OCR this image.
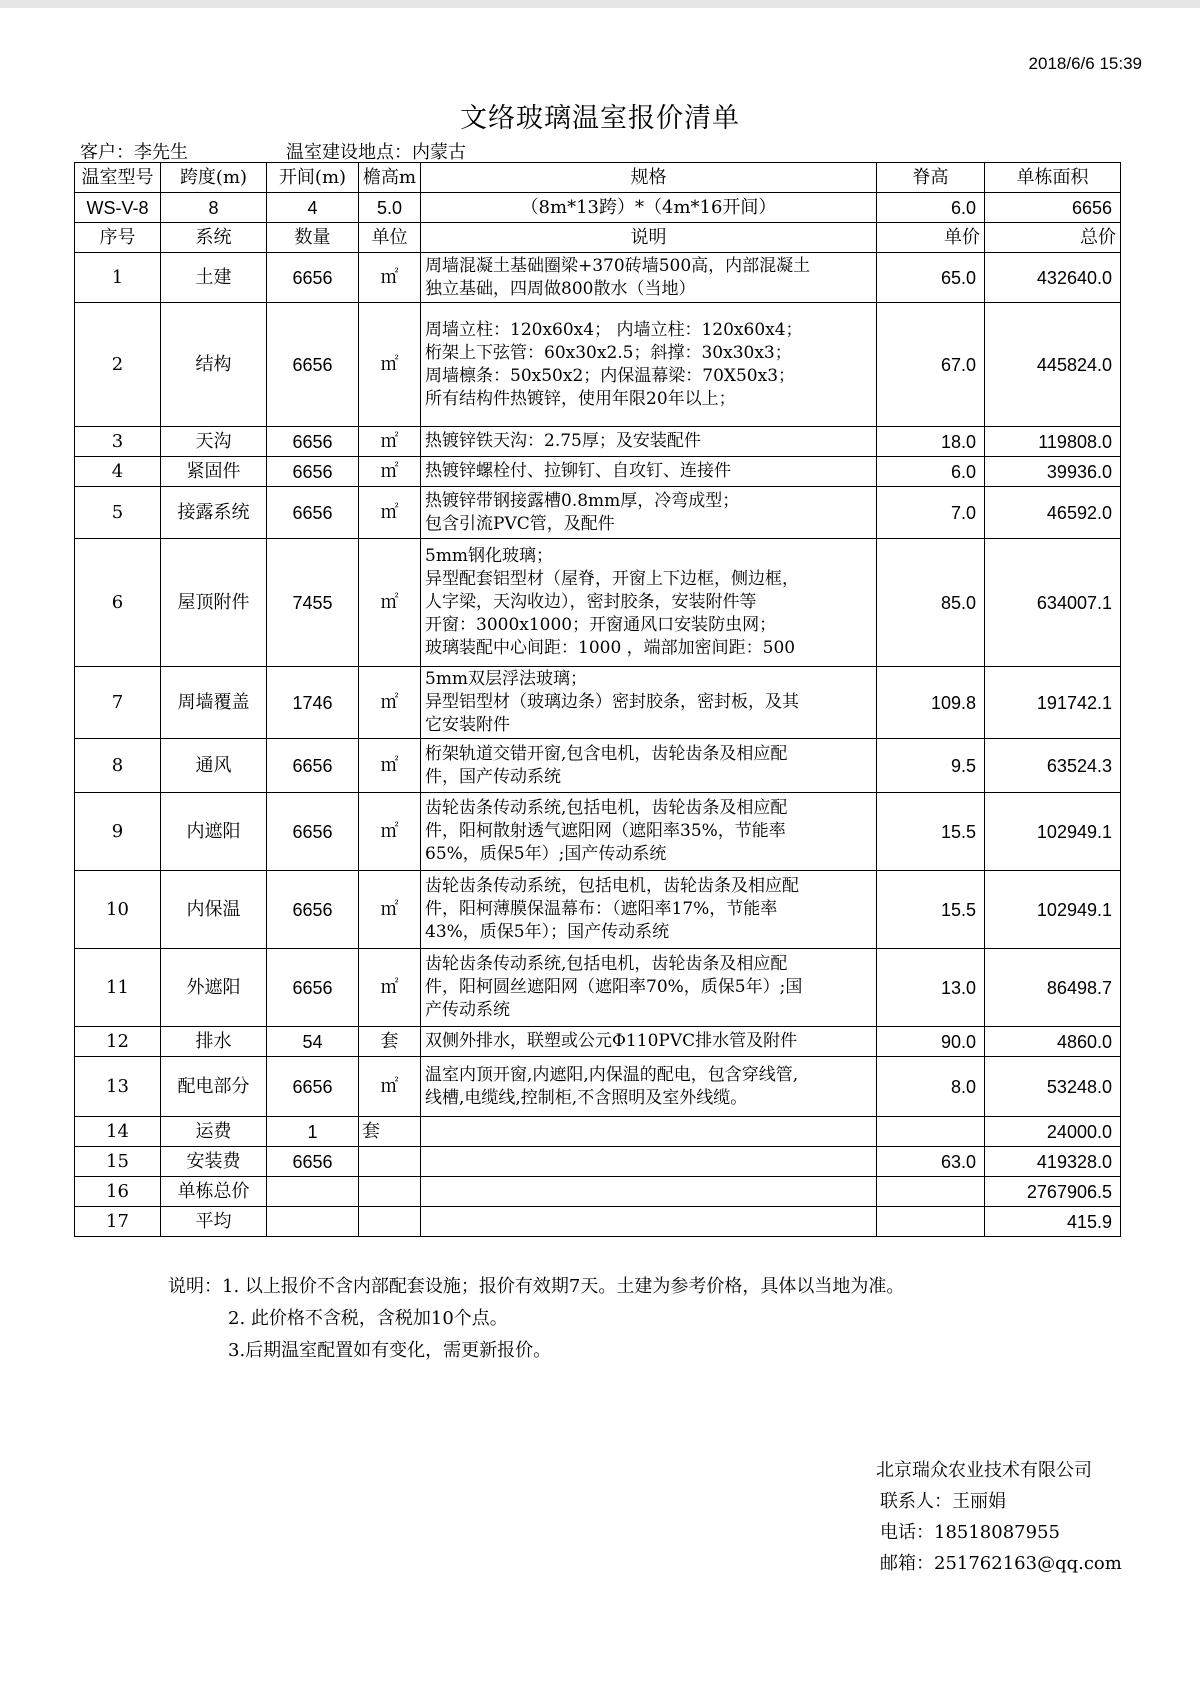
2018/6/6 15:39
文络玻璃温室报价清单
客户：李先生	温室建设地点：内蒙古
温室型号	跨度(m)	开间(m)	檐高m	规格	脊高	单栋面积
WS-V-8	8	4	5.0	（8m*13跨）*（4m*16开间）	6.0	6656
序号	系统	数量	单位	说明	单价	总价
1	土建	6656	㎡	周墙混凝土基础圈梁+370砖墙500高，内部混凝土
独立基础，四周做800散水（当地）	65.0	432640.0
2	结构	6656	㎡	周墙立柱：120x60x4； 内墙立柱：120x60x4；
桁架上下弦管：60x30x2.5；斜撑：30x30x3；
周墙檩条：50x50x2；内保温幕梁：70X50x3；
所有结构件热镀锌，使用年限20年以上；	67.0	445824.0
3	天沟	6656	㎡	热镀锌铁天沟：2.75厚；及安装配件	18.0	119808.0
4	紧固件	6656	㎡	热镀锌螺栓付、拉铆钉、自攻钉、连接件	6.0	39936.0
5	接露系统	6656	㎡	热镀锌带钢接露槽0.8mm厚，冷弯成型；
包含引流PVC管，及配件	7.0	46592.0
6	屋顶附件	7455	㎡	5mm钢化玻璃；
异型配套铝型材（屋脊，开窗上下边框，侧边框，
人字梁，天沟收边），密封胶条，安装附件等
开窗：3000x1000；开窗通风口安装防虫网；
玻璃装配中心间距：1000 ，端部加密间距：500	85.0	634007.1
7	周墙覆盖	1746	㎡	5mm双层浮法玻璃；
异型铝型材（玻璃边条）密封胶条，密封板，及其
它安装附件	109.8	191742.1
8	通风	6656	㎡	桁架轨道交错开窗,包含电机，齿轮齿条及相应配
件，国产传动系统	9.5	63524.3
9	内遮阳	6656	㎡	齿轮齿条传动系统,包括电机，齿轮齿条及相应配
件，阳柯散射透气遮阳网（遮阳率35%，节能率
65%，质保5年）;国产传动系统	15.5	102949.1
10	内保温	6656	㎡	齿轮齿条传动系统，包括电机，齿轮齿条及相应配
件，阳柯薄膜保温幕布：（遮阳率17%，节能率
43%，质保5年）；国产传动系统	15.5	102949.1
11	外遮阳	6656	㎡	齿轮齿条传动系统,包括电机，齿轮齿条及相应配
件，阳柯圆丝遮阳网（遮阳率70%，质保5年）;国
产传动系统	13.0	86498.7
12	排水	54	套	双侧外排水，联塑或公元Φ110PVC排水管及附件	90.0	4860.0
13	配电部分	6656	㎡	温室内顶开窗,内遮阳,内保温的配电，包含穿线管,
线槽,电缆线,控制柜,不含照明及室外线缆。	8.0	53248.0
14	运费	1	套			24000.0
15	安装费	6656			63.0	419328.0
16	单栋总价					2767906.5
17	平均					415.9
说明：1. 以上报价不含内部配套设施；报价有效期7天。土建为参考价格，具体以当地为准。
2. 此价格不含税，含税加10个点。
3.后期温室配置如有变化，需更新报价。
北京瑞众农业技术有限公司
联系人：王丽娟
电话：18518087955
邮箱：251762163@qq.com
